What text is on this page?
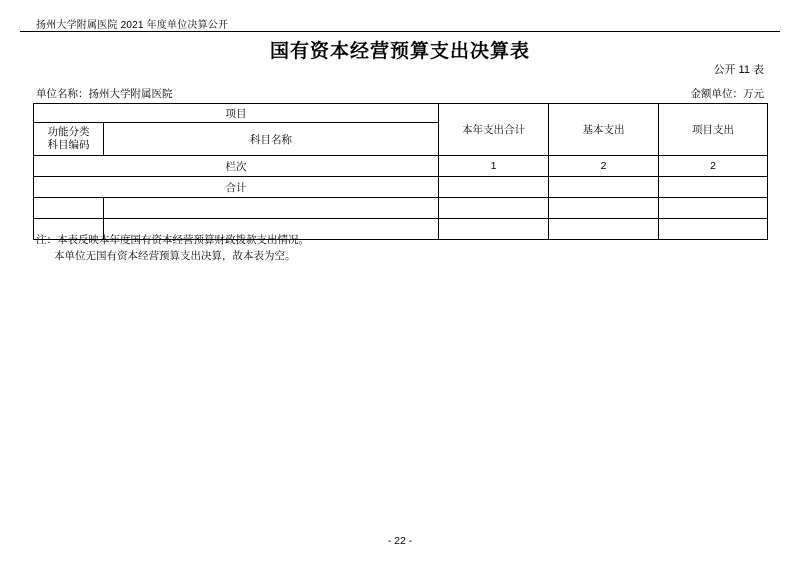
扬州大学附属医院 2021 年度单位决算公开
国有资本经营预算支出决算表
公开 11 表
单位名称：扬州大学附属医院	金额单位：万元
项目		本年支出合计	基本支出	项目支出

功能分类
科目编码	科目名称			
栏次		1	2	2
合计				

注：本表反映本年度国有资本经营预算财政拨款支出情况。
本单位无国有资本经营预算支出决算，故本表为空。
- 22 -
